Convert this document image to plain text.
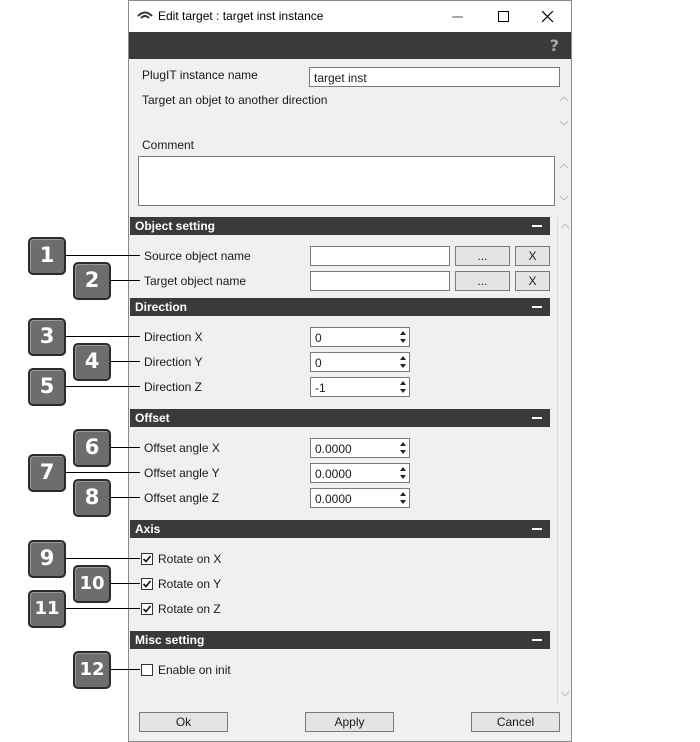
Edit target : target inst instance
?
PlugIT instance name	target inst
Target an objet to another direction
Comment
Object setting
Source object name	...	X
Target object name	...	X
Direction
Direction X	0
Direction Y	0
Direction Z	-1
Offset
Offset angle X	0.0000
Offset angle Y	0.0000
Offset angle Z	0.0000
Axis
Rotate on X
Rotate on Y
Rotate on Z
Misc setting
Enable on init
Ok	Apply	Cancel
1
2
3
4
5
6
7
8
9
10
11
12
